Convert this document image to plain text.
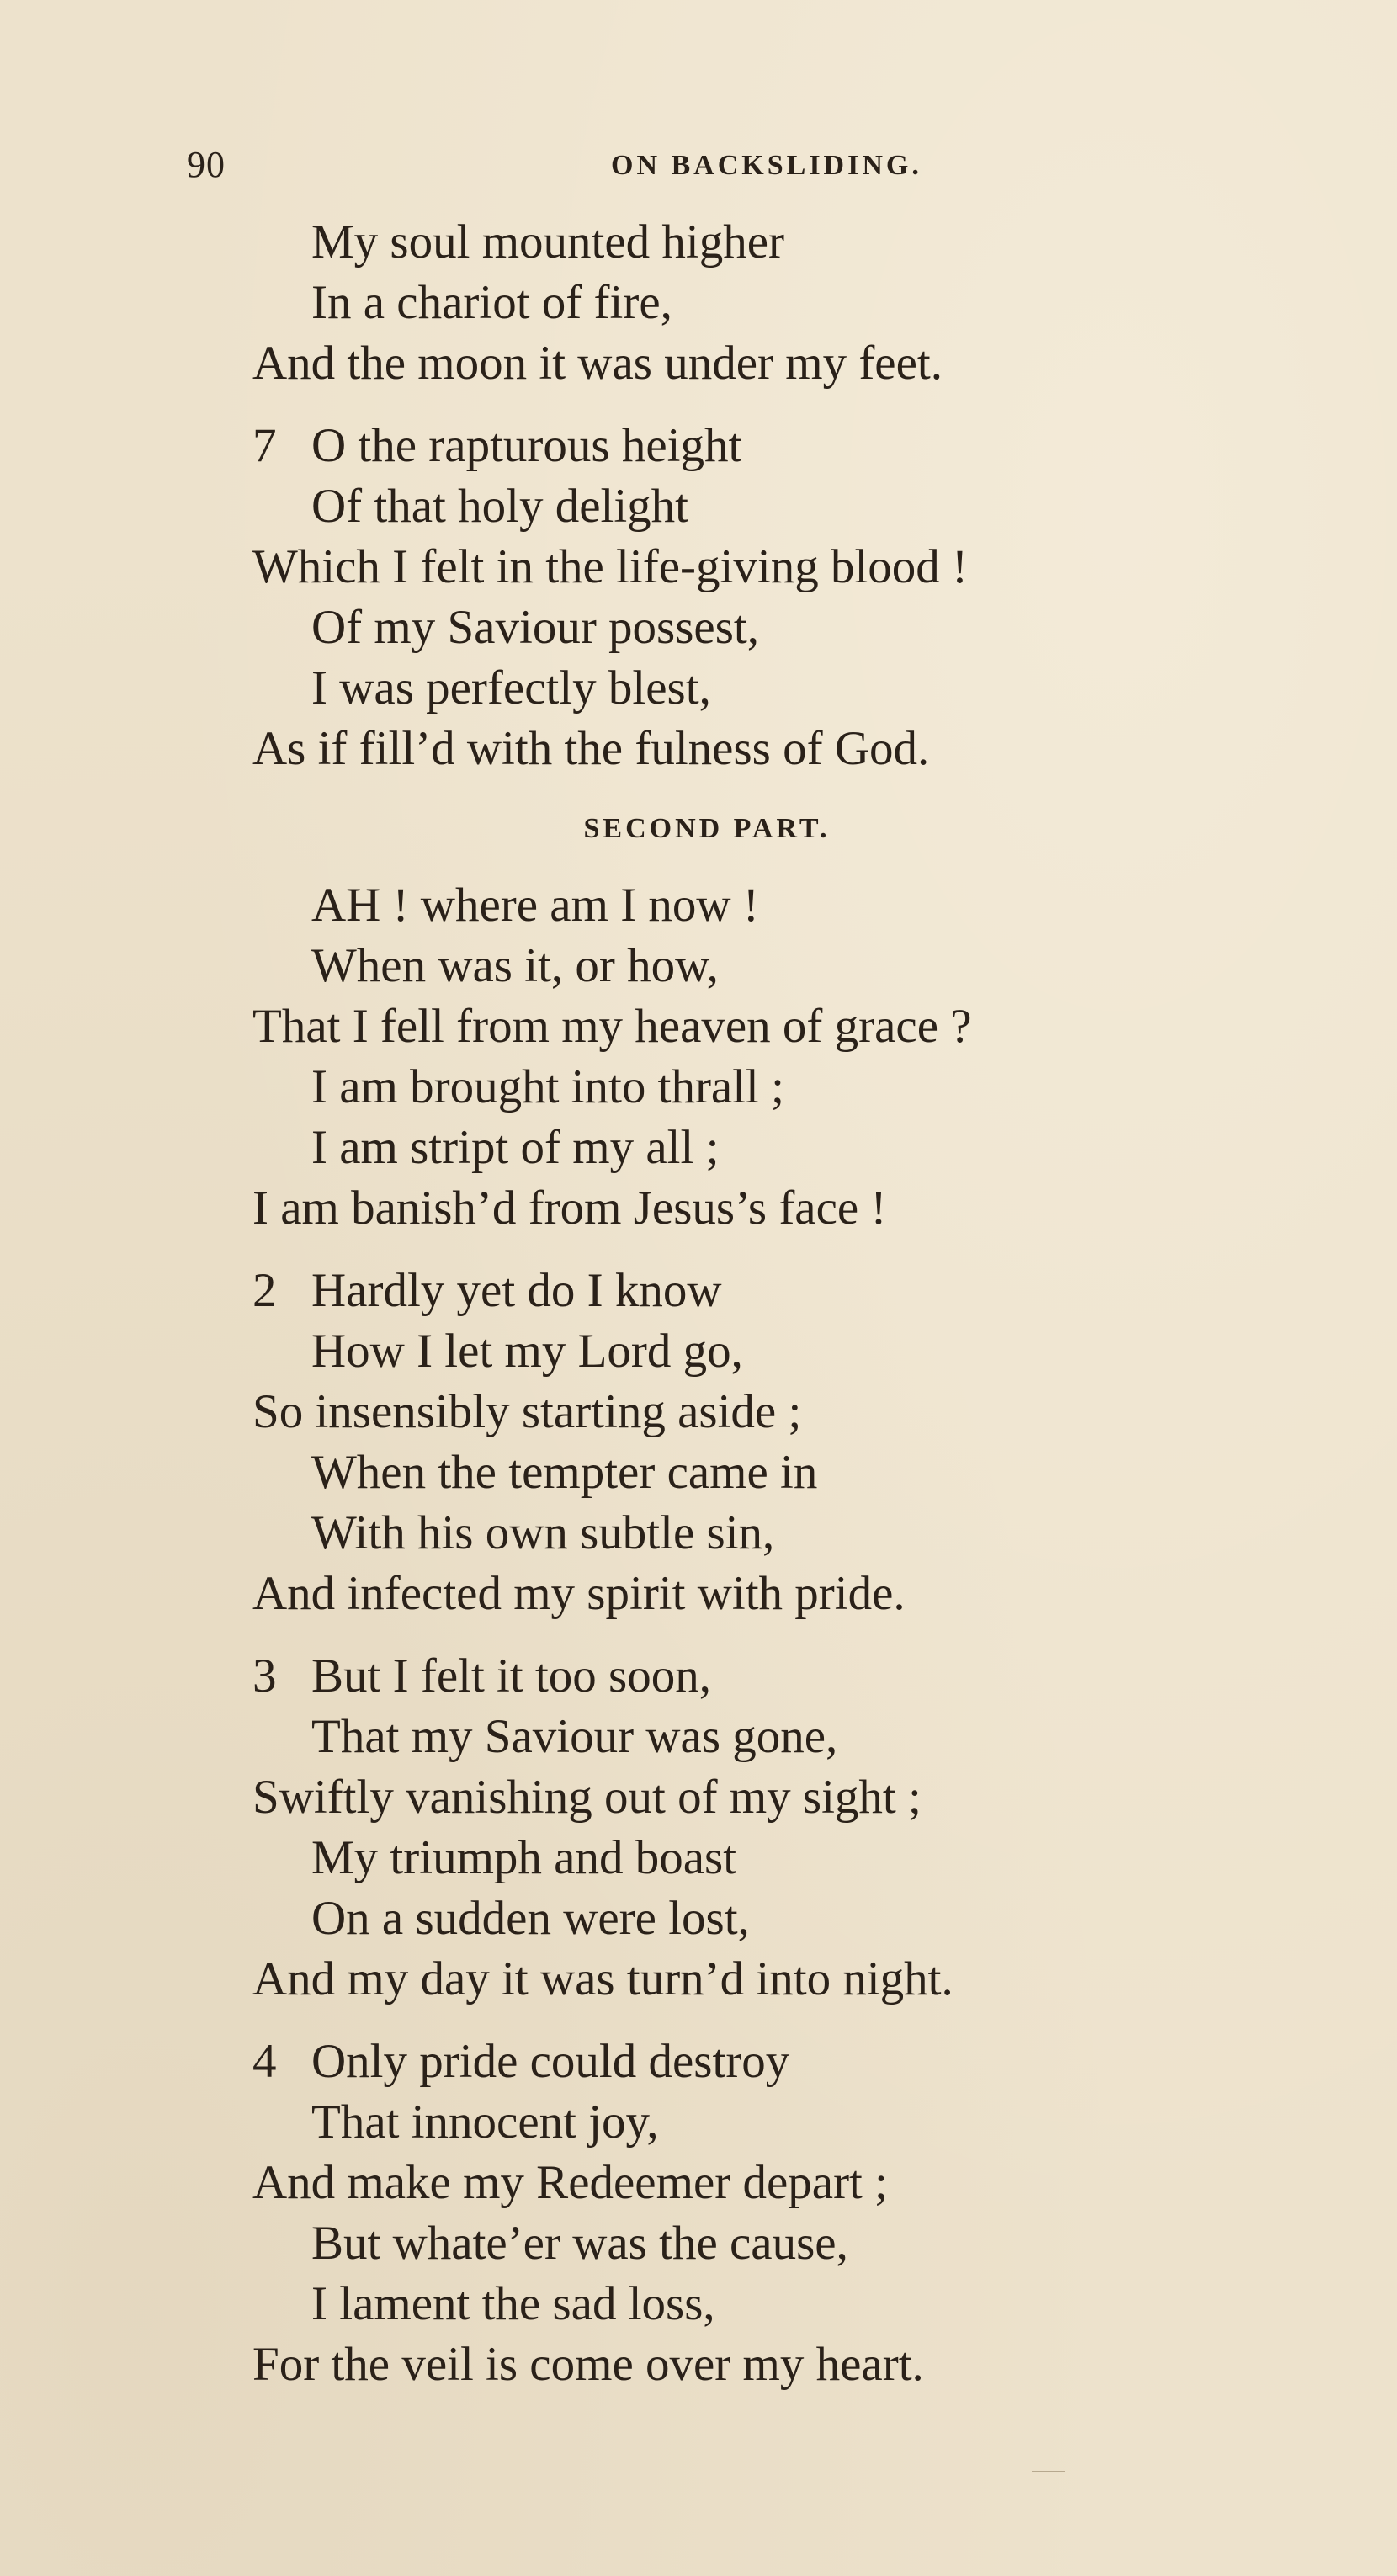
90	ON BACKSLIDING.
My soul mounted higher
In a chariot of fire,
And the moon it was under my feet.
7 O the rapturous height
Of that holy delight
Which I felt in the life-giving blood !
Of my Saviour possest,
I was perfectly blest,
As if fill’d with the fulness of God.
SECOND PART.
AH ! where am I now !
When was it, or how,
That I fell from my heaven of grace ?
I am brought into thrall ;
I am stript of my all ;
I am banish’d from Jesus’s face !
2 Hardly yet do I know
How I let my Lord go,
So insensibly starting aside ;
When the tempter came in
With his own subtle sin,
And infected my spirit with pride.
3 But I felt it too soon,
That my Saviour was gone,
Swiftly vanishing out of my sight ;
My triumph and boast
On a sudden were lost,
And my day it was turn’d into night.
4 Only pride could destroy
That innocent joy,
And make my Redeemer depart ;
But whate’er was the cause,
I lament the sad loss,
For the veil is come over my heart.
